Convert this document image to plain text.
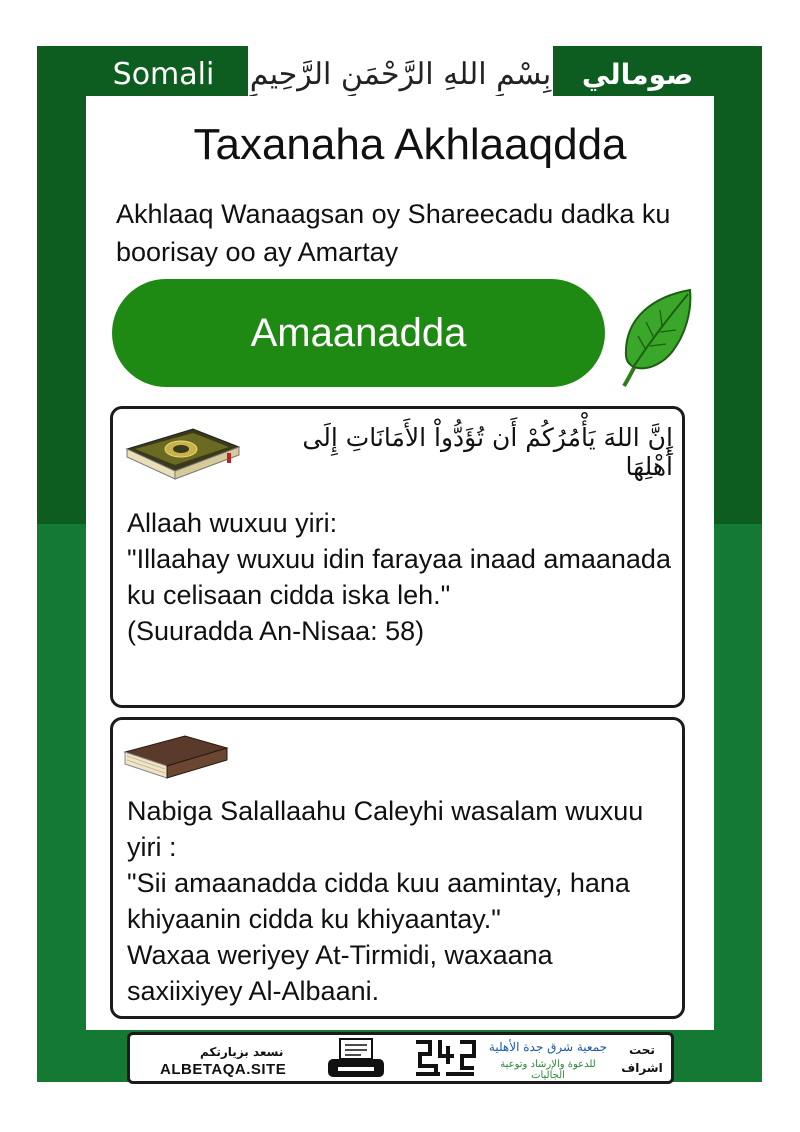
Somali	بِسْمِ اللهِ الرَّحْمَنِ الرَّحِيمِ	صومالي
Taxanaha Akhlaaqdda
Akhlaaq Wanaagsan oy Shareecadu dadka ku boorisay oo ay Amartay
Amaanadda
إِنَّ اللهَ يَأْمُرُكُمْ أَن تُؤَدُّواْ الأَمَانَاتِ إِلَى أَهْلِهَا
Allaah wuxuu yiri:
"Illaahay wuxuu idin farayaa inaad amaanada ku celisaan cidda iska leh."
(Suuradda An-Nisaa: 58)
Nabiga Salallaahu Caleyhi wasalam wuxuu yiri :
"Sii amaanadda cidda kuu aamintay, hana khiyaanin cidda ku khiyaantay."
Waxaa weriyey At-Tirmidi, waxaana saxiixiyey Al-Albaani.
نسعد بزيارتكم
ALBETAQA.SITE
جمعية شرق جدة الأهلية
للدعوة والإرشاد وتوعية الجاليات
تحت
اشراف
